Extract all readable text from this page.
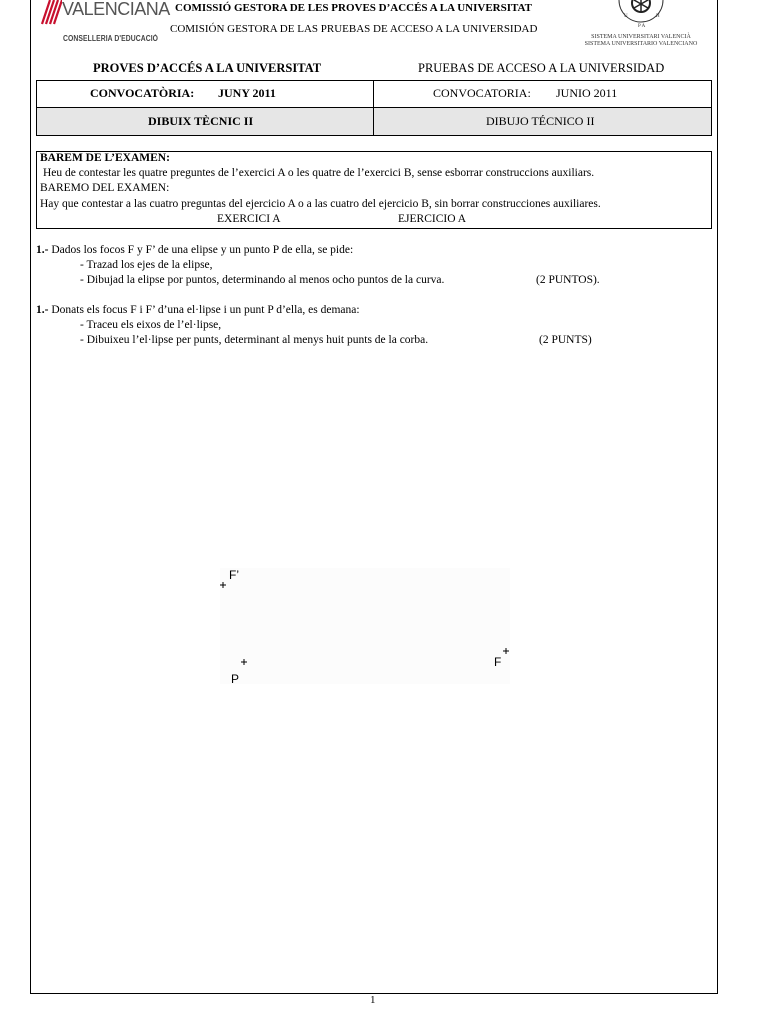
VALENCIANA
CONSELLERIA D'EDUCACIÓ
COMISSIÓ GESTORA DE LES PROVES D’ACCÉS A LA UNIVERSITAT
COMISIÓN GESTORA DE LAS PRUEBAS DE ACCESO A LA UNIVERSIDAD
U
P A
H
SISTEMA UNIVERSITARI VALENCIÀ
SISTEMA UNIVERSITARIO VALENCIANO
PROVES D’ACCÉS A LA UNIVERSITAT	PRUEBAS DE ACCESO A LA UNIVERSIDAD
CONVOCATÒRIA: JUNY 2011	CONVOCATORIA: JUNIO 2011
DIBUIX TÈCNIC II	DIBUJO TÉCNICO II
BAREM DE L’EXAMEN:
Heu de contestar les quatre preguntes de l’exercici A o les quatre de l’exercici B, sense esborrar construccions auxiliars.
BAREMO DEL EXAMEN:
Hay que contestar a las cuatro preguntas del ejercicio A o a las cuatro del ejercicio B, sin borrar construcciones auxiliares.
EXERCICI A	EJERCICIO A
1.- Dados los focos F y F’ de una elipse y un punto P de ella, se pide:
- Trazad los ejes de la elipse,
- Dibujad la elipse por puntos, determinando al menos ocho puntos de la curva.	(2 PUNTOS).
1.- Donats els focus F i F’ d’una el·lipse i un punt P d’ella, es demana:
- Traceu els eixos de l’el·lipse,
- Dibuixeu l’el·lipse per punts, determinant al menys huit punts de la corba.	(2 PUNTS)
F’
F
P
1
